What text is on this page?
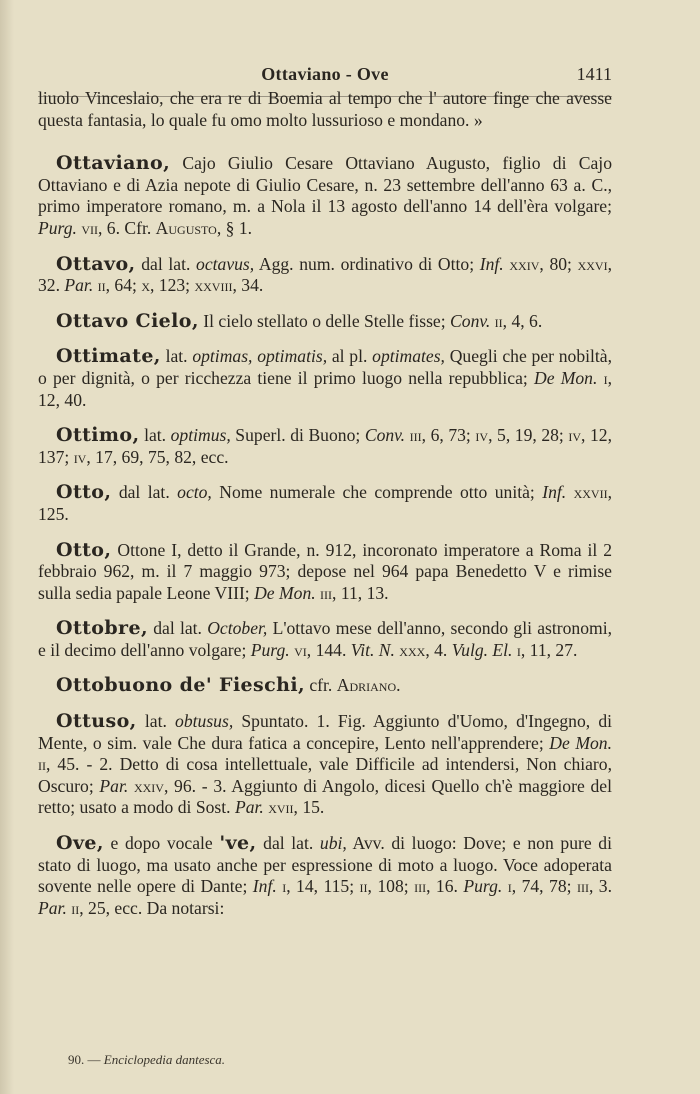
Ottaviano - Ove	1411

liuolo Vinceslaio, che era re di Boemia al tempo che l' autore finge che avesse questa fantasia, lo quale fu omo molto lussurioso e mondano. »

Ottaviano, Cajo Giulio Cesare Ottaviano Augusto, figlio di Cajo Ottaviano e di Azia nepote di Giulio Cesare, n. 23 settembre dell'anno 63 a. C., primo imperatore romano, m. a Nola il 13 agosto dell'anno 14 dell'èra volgare; Purg. vii, 6. Cfr. Augusto, § 1.

Ottavo, dal lat. octavus, Agg. num. ordinativo di Otto; Inf. xxiv, 80; xxvi, 32. Par. ii, 64; x, 123; xxviii, 34.

Ottavo Cielo, Il cielo stellato o delle Stelle fisse; Conv. ii, 4, 6.

Ottimate, lat. optimas, optimatis, al pl. optimates, Quegli che per nobiltà, o per dignità, o per ricchezza tiene il primo luogo nella repubblica; De Mon. i, 12, 40.

Ottimo, lat. optimus, Superl. di Buono; Conv. iii, 6, 73; iv, 5, 19, 28; iv, 12, 137; iv, 17, 69, 75, 82, ecc.

Otto, dal lat. octo, Nome numerale che comprende otto unità; Inf. xxvii, 125.

Otto, Ottone I, detto il Grande, n. 912, incoronato imperatore a Roma il 2 febbraio 962, m. il 7 maggio 973; depose nel 964 papa Benedetto V e rimise sulla sedia papale Leone VIII; De Mon. iii, 11, 13.

Ottobre, dal lat. October, L'ottavo mese dell'anno, secondo gli astronomi, e il decimo dell'anno volgare; Purg. vi, 144. Vit. N. xxx, 4. Vulg. El. i, 11, 27.

Ottobuono de' Fieschi, cfr. Adriano.

Ottuso, lat. obtusus, Spuntato. 1. Fig. Aggiunto d'Uomo, d'Ingegno, di Mente, o sim. vale Che dura fatica a concepire, Lento nell'apprendere; De Mon. ii, 45. - 2. Detto di cosa intellettuale, vale Difficile ad intendersi, Non chiaro, Oscuro; Par. xxiv, 96. - 3. Aggiunto di Angolo, dicesi Quello ch'è maggiore del retto; usato a modo di Sost. Par. xvii, 15.

Ove, e dopo vocale 've, dal lat. ubi, Avv. di luogo: Dove; e non pure di stato di luogo, ma usato anche per espressione di moto a luogo. Voce adoperata sovente nelle opere di Dante; Inf. i, 14, 115; ii, 108; iii, 16. Purg. i, 74, 78; iii, 3. Par. ii, 25, ecc. Da notarsi:

90. — Enciclopedia dantesca.
